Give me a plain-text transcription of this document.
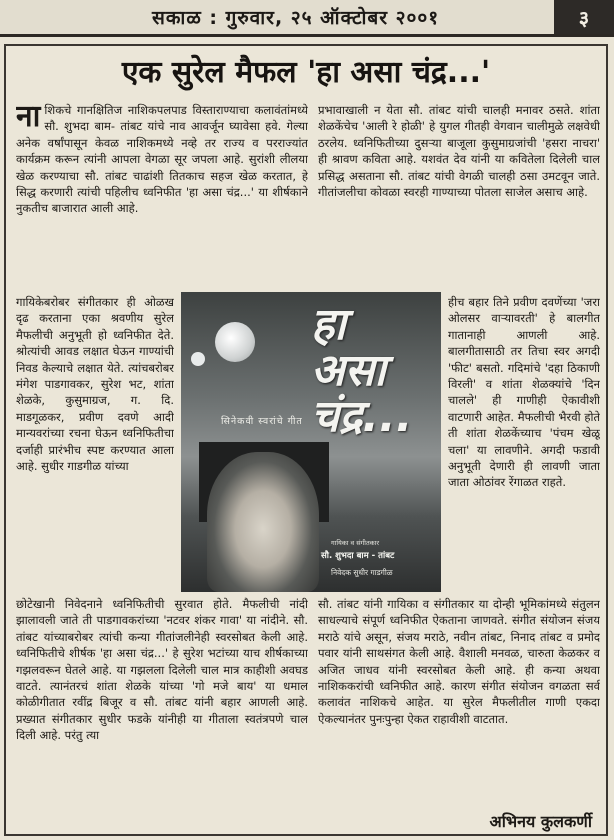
सकाळ : गुरुवार, २५ ऑक्टोबर २००१	३
एक सुरेल मैफल 'हा असा चंद्र...'

नाशिकचे गानक्षितिज नाशिकपलपाड विस्ताराण्याचा कलावंतांमध्ये सौ. शुभदा बाम- तांबट यांचे नाव आवर्जून घ्यावेसा हवे. गेल्या अनेक वर्षांपासून केवळ नाशिकमध्ये नव्हे तर राज्य व परराज्यांत कार्यक्रम करून त्यांनी आपला वेगळा सूर जपला आहे. सुरांशी लीलया खेळ करण्याचा सौ. तांबट चाढांशी तितकाच सहज खेळ करतात, हे सिद्ध करणारी त्यांची पहिलीच ध्वनिफीत 'हा असा चंद्र...' या शीर्षकाने नुकतीच बाजारात आली आहे.

गायिकेबरोबर संगीतकार ही ओळख दृढ करताना एका श्रवणीय सुरेल मैफलीची अनुभूती हो ध्वनिफीत देते. श्रोत्यांची आवड लक्षात घेऊन गाण्यांची निवड केल्याचे लक्षात येते. त्यांचबरोबर मंगेश पाडगावकर, सुरेश भट, शांता शेळके, कुसुमाग्रज, ग. दि. माडगूळकर, प्रवीण दवणे आदी मान्यवरांच्या रचना घेऊन ध्वनिफितीचा दर्जाही प्रारंभीच स्पष्ट करण्यात आला आहे. सुधीर गाडगीळ यांच्या

हा
असा
चंद्र...
सिनेकवी स्वरांचे गीत
गायिका व संगीतकार
सौ. शुभदा बाम - तांबट
निवेदक सुधीर गाडगीळ

छोटेखानी निवेदनाने ध्वनिफितीची सुरवात होते. मैफलीची नांदी झालावली जाते ती पाडगावकरांच्या 'नटवर शंकर गावा' या नांदीने. सौ. तांबट यांच्याबरोबर त्यांची कन्या गीतांजलीनेही स्वरसोबत केली आहे. ध्वनिफितीचे शीर्षक 'हा असा चंद्र...' हे सुरेश भटांच्या याच शीर्षकाच्या गझलवरून घेतले आहे. या गझलला दिलेली चाल मात्र काहीशी अवघड वाटते. त्यानंतरचं शांता शेळके यांच्या 'गो मजे बाय' या धमाल कोळीगीतात रवींद्र बिजूर व सौ. तांबट यांनी बहार आणली आहे. प्रख्यात संगीतकार सुधीर फडके यांनीही या गीताला स्वतंत्रपणे चाल दिली आहे. परंतु त्या

प्रभावाखाली न येता सौ. तांबट यांची चालही मनावर ठसते. शांता शेळकेंचेच 'आली रे होळी' हे युगल गीतही वेगवान चालीमुळे लक्षवेधी ठरलेय. ध्वनिफितीच्या दुसऱ्या बाजूला कुसुमाग्रजांची 'हसरा नाचरा' ही श्रावण कविता आहे. यशवंत देव यांनी या कवितेला दिलेली चाल प्रसिद्ध असताना सौ. तांबट यांची वेगळी चालही ठसा उमटवून जाते. गीतांजलीचा कोवळा स्वरही गाण्याच्या पोतला साजेल असाच आहे.

हीच बहार तिने प्रवीण दवणेंच्या 'जरा ओलसर वाऱ्यावरती' हे बालगीत गातानाही आणली आहे. बालगीतासाठी तर तिचा स्वर अगदी 'फीट' बसतो. गदिमांचे 'दहा ठिकाणी विरली' व शांता शेळक्यांचे 'दिन चालले' ही गाणीही ऐकावीशी वाटणारी आहेत. मैफलीची भैरवी होते ती शांता शेळकेंच्याच 'पंचम खेळू चला' या लावणीने. अगदी फडावी अनुभूती देणारी ही लावणी जाता जाता ओठांवर रेंगाळत राहते.

सौ. तांबट यांनी गायिका व संगीतकार या दोन्ही भूमिकांमध्ये संतुलन साधल्याचे संपूर्ण ध्वनिफीत ऐकताना जाणवते. संगीत संयोजन संजय मराठे यांचे असून, संजय मराठे, नवीन तांबट, निनाद तांबट व प्रमोद पवार यांनी साथसंगत केली आहे. वैशाली मनवळ, चारुता केळकर व अजित जाधव यांनी स्वरसोबत केली आहे. ही कन्या अथवा नाशिककरांची ध्वनिफीत आहे. कारण संगीत संयोजन वगळता सर्व कलावंत नाशिकचे आहेत. या सुरेल मैफलीतील गाणी एकदा ऐकल्यानंतर पुनःपुन्हा ऐकत राहावीशी वाटतात.

अभिनय कुलकर्णी
